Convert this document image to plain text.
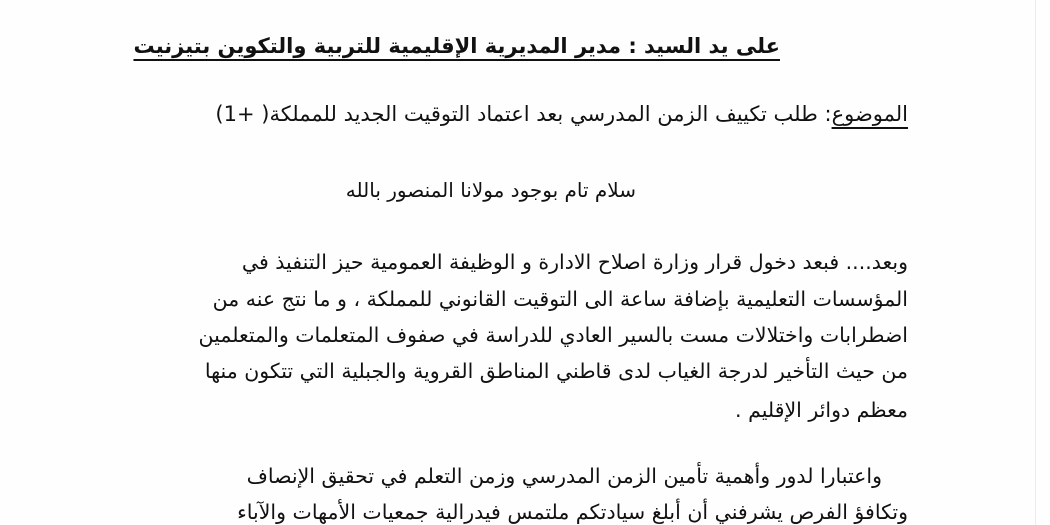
على يد السيد : مدير المديرية الإقليمية للتربية والتكوين بتيزنيت
الموضوع: طلب تكييف الزمن المدرسي بعد اعتماد التوقيت الجديد للمملكة( +1)
سلام تام بوجود مولانا المنصور بالله
وبعد.... فبعد دخول قرار وزارة اصلاح الادارة و الوظيفة العمومية حيز التنفيذ في
المؤسسات التعليمية بإضافة ساعة الى التوقيت القانوني للمملكة ، و ما نتج عنه من
اضطرابات واختلالات مست بالسير العادي للدراسة في صفوف المتعلمات والمتعلمين
من حيث التأخير لدرجة الغياب لدى قاطني المناطق القروية والجبلية التي تتكون منها
معظم دوائر الإقليم .
واعتبارا لدور وأهمية تأمين الزمن المدرسي وزمن التعلم في تحقيق الإنصاف
وتكافؤ الفرص يشرفني أن أبلغ سيادتكم ملتمس فيدرالية جمعيات الأمهات والآباء
